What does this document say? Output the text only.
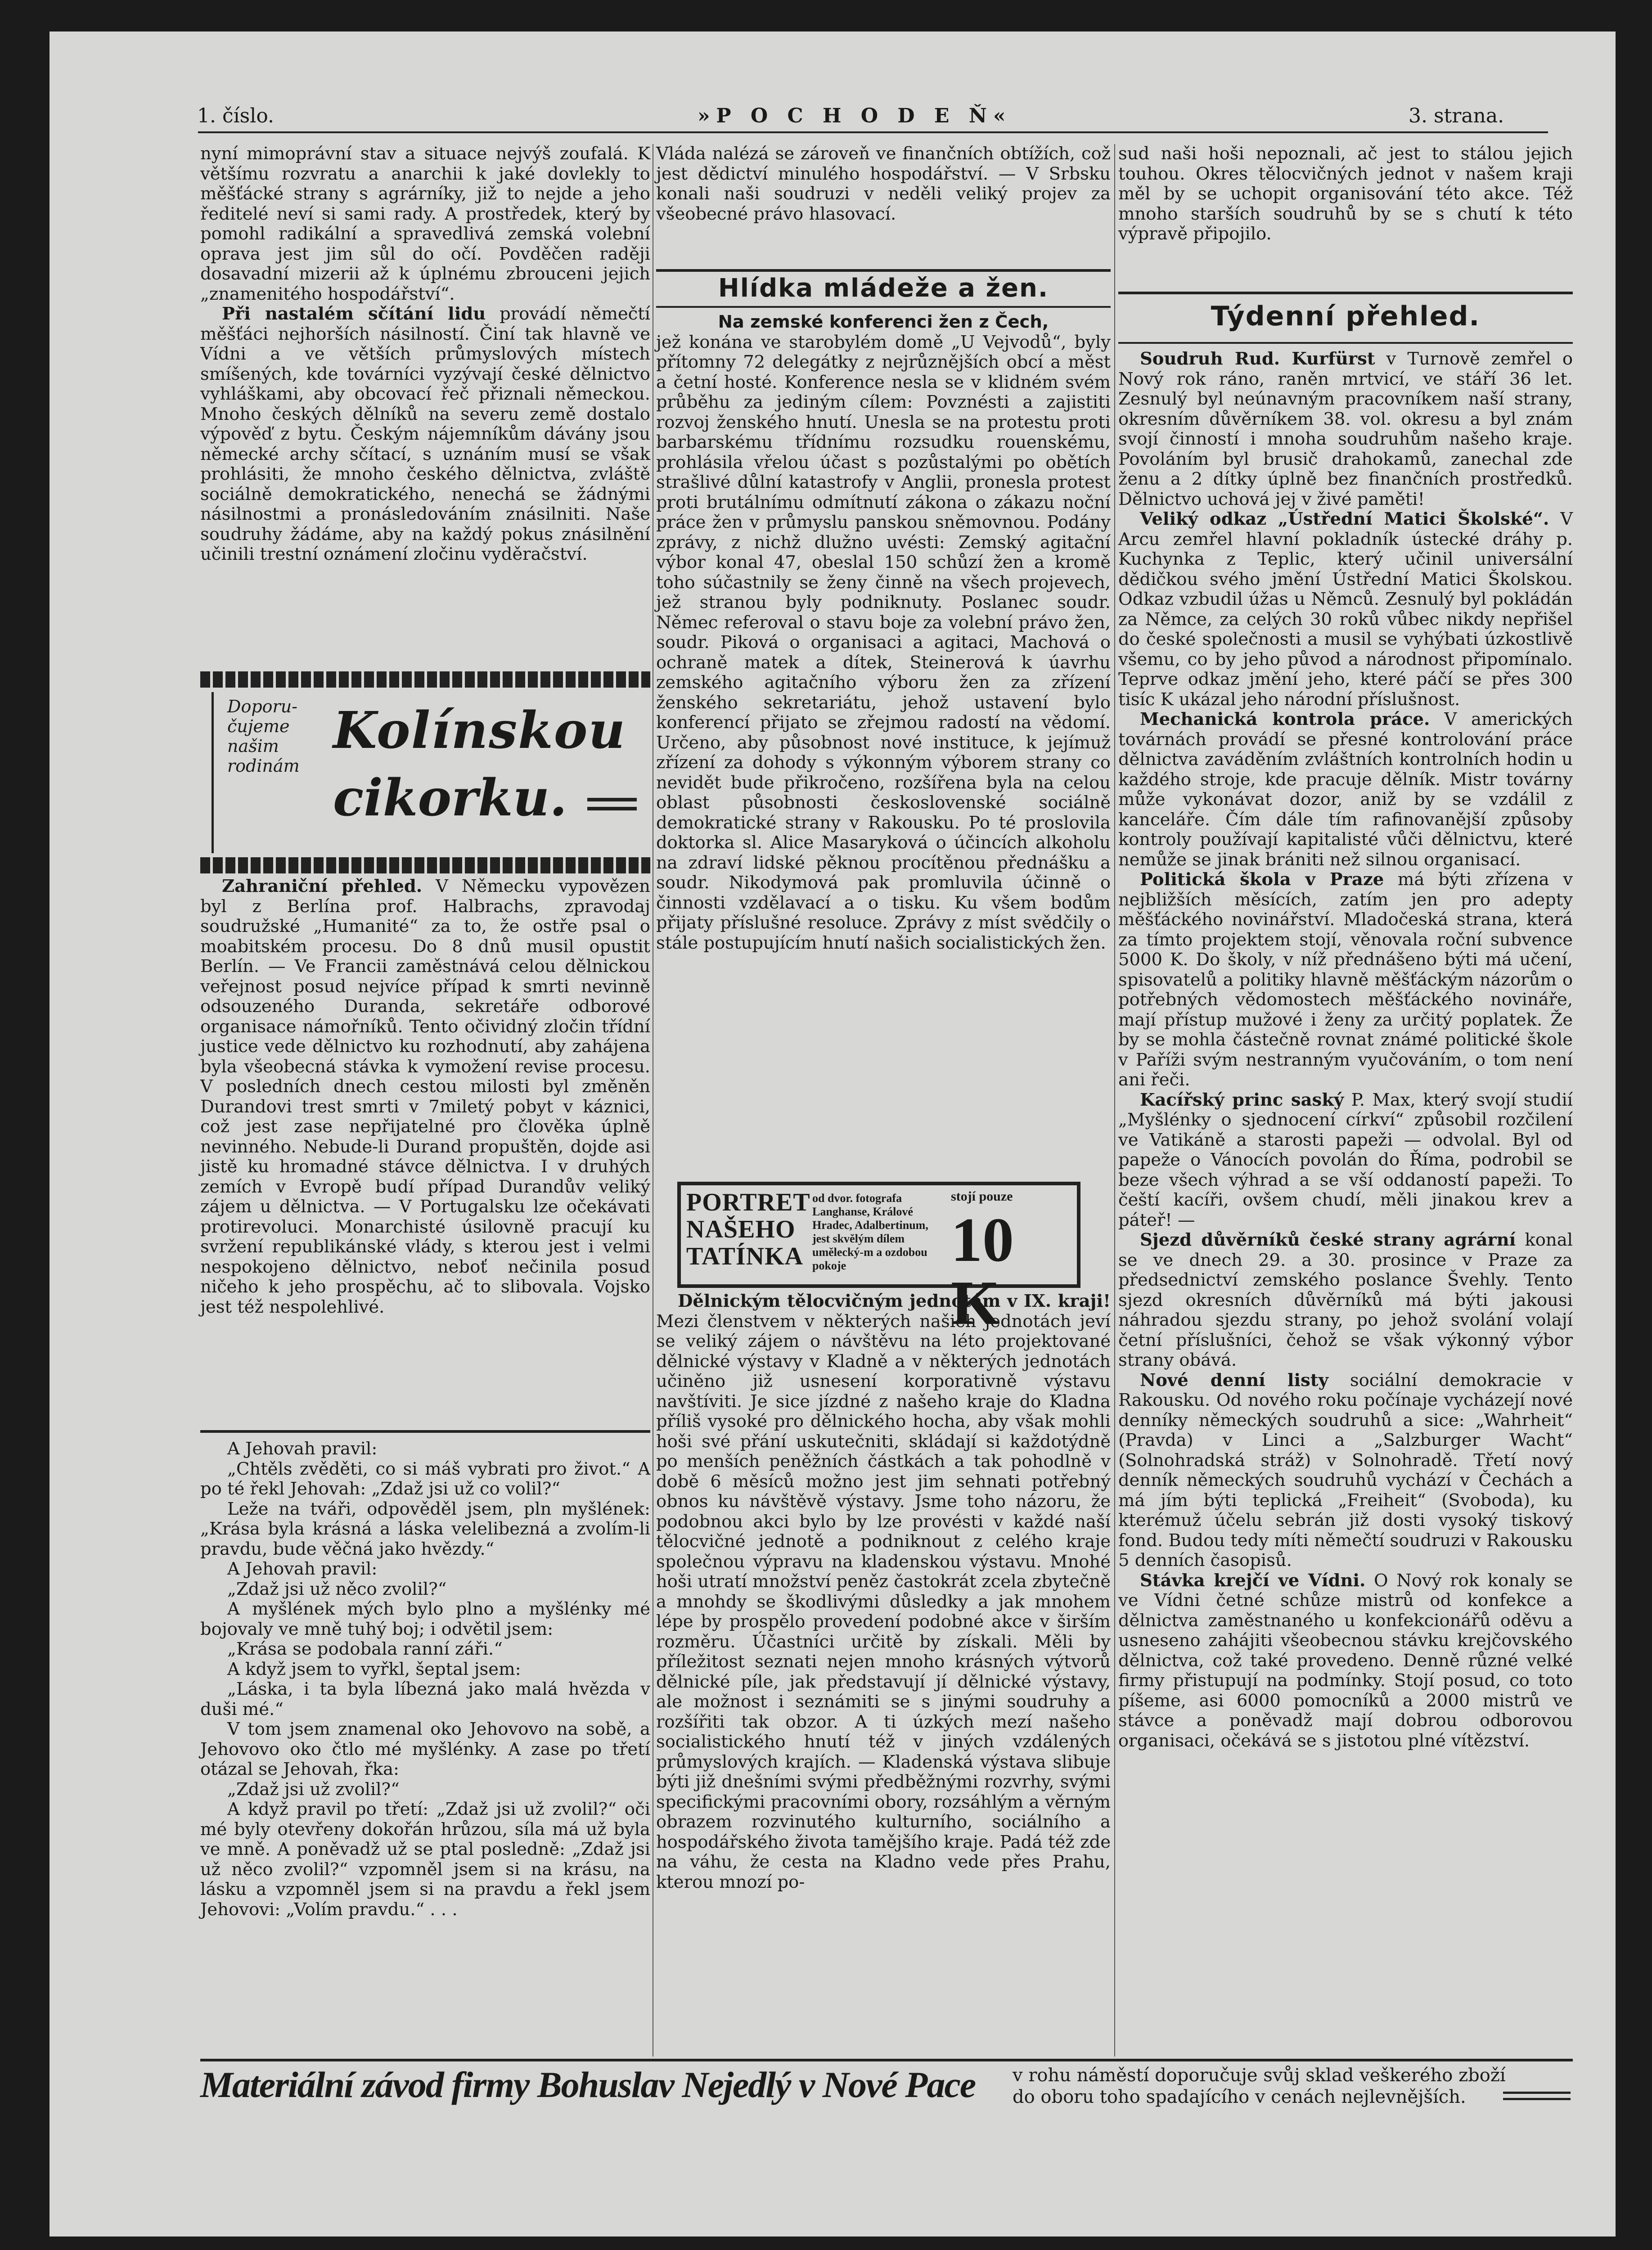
1. číslo.	»P O C H O D E Ň«	3. strana.

nyní mimoprávní stav a situace nejvýš zoufalá. K většímu rozvratu a anarchii k jaké dovlekly to měšťácké strany s agrárníky, již to nejde a jeho ředitelé neví si sami rady. A prostředek, který by pomohl radikální a spravedlivá zemská volební oprava jest jim sůl do očí. Povděčen raději dosavadní mizerii až k úplnému zbrouceni jejich „znamenitého hospodářství“.

Při nastalém sčítání lidu provádí němečtí měšťáci nejhorších násilností. Činí tak hlavně ve Vídni a ve větších průmyslových místech smíšených, kde továrníci vyzývají české dělnictvo vyhláškami, aby obcovací řeč přiznali německou. Mnoho českých dělníků na severu země dostalo výpověď z bytu. Českým nájemníkům dávány jsou německé archy sčítací, s uznáním musí se však prohlásiti, že mnoho českého dělnictva, zvláště sociálně demokratického, nenechá se žádnými násilnostmi a pronásledováním znásilniti. Naše soudruhy žádáme, aby na každý pokus znásilnění učinili trestní oznámení zločinu vyděračství.

Doporu-
čujeme
našim
rodinám
Kolínskou
cikorku.

Zahraniční přehled. V Německu vypovězen byl z Berlína prof. Halbrachs, zpravodaj soudružské „Humanité“ za to, že ostře psal o moabitském procesu. Do 8 dnů musil opustit Berlín. — Ve Francii zaměstnává celou dělnickou veřejnost posud nejvíce případ k smrti nevinně odsouzeného Duranda, sekretáře odborové organisace námořníků. Tento očividný zločin třídní justice vede dělnictvo ku rozhodnutí, aby zahájena byla všeobecná stávka k vymožení revise procesu. V posledních dnech cestou milosti byl změněn Durandovi trest smrti v 7miletý pobyt v káznici, což jest zase nepřijatelné pro člověka úplně nevinného. Nebude-li Durand propuštěn, dojde asi jistě ku hromadné stávce dělnictva. I v druhých zemích v Evropě budí případ Durandův veliký zájem u dělnictva. — V Portugalsku lze očekávati protirevoluci. Monarchisté úsilovně pracují ku svržení republikánské vlády, s kterou jest i velmi nespokojeno dělnictvo, neboť nečinila posud ničeho k jeho prospěchu, ač to slibovala. Vojsko jest též nespolehlivé.

A Jehovah pravil:

„Chtěls zvěděti, co si máš vybrati pro život.“ A po té řekl Jehovah: „Zdaž jsi už co volil?“

Leže na tváři, odpověděl jsem, pln myšlének: „Krása byla krásná a láska velelibezná a zvolím-li pravdu, bude věčná jako hvězdy.“

A Jehovah pravil:

„Zdaž jsi už něco zvolil?“

A myšlének mých bylo plno a myšlénky mé bojovaly ve mně tuhý boj; i odvětil jsem:

„Krása se podobala ranní záři.“

A když jsem to vyřkl, šeptal jsem:

„Láska, i ta byla líbezná jako malá hvězda v duši mé.“

V tom jsem znamenal oko Jehovovo na sobě, a Jehovovo oko čtlo mé myšlénky. A zase po třetí otázal se Jehovah, řka:

„Zdaž jsi už zvolil?“

A když pravil po třetí: „Zdaž jsi už zvolil?“ oči mé byly otevřeny dokořán hrůzou, síla má už byla ve mně. A poněvadž už se ptal posledně: „Zdaž jsi už něco zvolil?“ vzpomněl jsem si na krásu, na lásku a vzpomněl jsem si na pravdu a řekl jsem Jehovovi: „Volím pravdu.“ . . .

Vláda nalézá se zároveň ve finančních obtížích, což jest dědictví minulého hospodářství. — V Srbsku konali naši soudruzi v neděli veliký projev za všeobecné právo hlasovací.

Hlídka mládeže a žen.

Na zemské konferenci žen z Čech,

jež konána ve starobylém domě „U Vejvodů“, byly přítomny 72 delegátky z nejrůznějších obcí a měst a četní hosté. Konference nesla se v klidném svém průběhu za jediným cílem: Povznésti a zajistiti rozvoj ženského hnutí. Unesla se na protestu proti barbarskému třídnímu rozsudku rouenskému, prohlásila vřelou účast s pozůstalými po obětích strašlivé důlní katastrofy v Anglii, pronesla protest proti brutálnímu odmítnutí zákona o zákazu noční práce žen v průmyslu panskou sněmovnou. Podány zprávy, z nichž dlužno uvésti: Zemský agitační výbor konal 47, obeslal 150 schůzí žen a kromě toho súčastnily se ženy činně na všech projevech, jež stranou byly podniknuty. Poslanec soudr. Němec referoval o stavu boje za volební právo žen, soudr. Piková o organisaci a agitaci, Machová o ochraně matek a dítek, Steinerová k úavrhu zemského agitačního výboru žen za zřízení ženského sekretariátu, jehož ustavení bylo konferencí přijato se zřejmou radostí na vědomí. Určeno, aby působnost nové instituce, k jejímuž zřízení za dohody s výkonným výborem strany co nevidět bude přikročeno, rozšířena byla na celou oblast působnosti československé sociálně demokratické strany v Rakousku. Po té proslovila doktorka sl. Alice Masaryková o účincích alkoholu na zdraví lidské pěknou procítěnou přednášku a soudr. Nikodymová pak promluvila účinně o činnosti vzdělavací a o tisku. Ku všem bodům přijaty příslušné resoluce. Zprávy z míst svědčily o stále postupujícím hnutí našich socialistických žen.

PORTRET
NAŠEHO
TATÍNKA
od dvor. fotografa Langhanse, Králové Hradec, Adalbertinum, jest skvělým dílem umělecký-m a ozdobou pokoje
stojí pouze
10 K

Dělnickým tělocvičným jednotám v IX. kraji! Mezi členstvem v některých našich jednotách jeví se veliký zájem o návštěvu na léto projektované dělnické výstavy v Kladně a v některých jednotách učiněno již usnesení korporativně výstavu navštíviti. Je sice jízdné z našeho kraje do Kladna příliš vysoké pro dělnického hocha, aby však mohli hoši své přání uskutečniti, skládají si každotýdně po menších peněžních částkách a tak pohodlně v době 6 měsíců možno jest jim sehnati potřebný obnos ku návštěvě výstavy. Jsme toho názoru, že podobnou akci bylo by lze provésti v každé naší tělocvičné jednotě a podniknout z celého kraje společnou výpravu na kladenskou výstavu. Mnohé hoši utratí množství peněz častokrát zcela zbytečně a mnohdy se škodlivými důsledky a jak mnohem lépe by prospělo provedení podobné akce v širším rozměru. Účastníci určitě by získali. Měli by příležitost seznati nejen mnoho krásných výtvorů dělnické píle, jak představují jí dělnické výstavy, ale možnost i seznámiti se s jinými soudruhy a rozšířiti tak obzor. A ti úzkých mezí našeho socialistického hnutí též v jiných vzdálených průmyslových krajích. — Kladenská výstava slibuje býti již dnešními svými předběžnými rozvrhy, svými specifickými pracovními obory, rozsáhlým a věrným obrazem rozvinutého kulturního, sociálního a hospodářského života tamějšího kraje. Padá též zde na váhu, že cesta na Kladno vede přes Prahu, kterou mnozí po-

sud naši hoši nepoznali, ač jest to stálou jejich touhou. Okres tělocvičných jednot v našem kraji měl by se uchopit organisování této akce. Též mnoho starších soudruhů by se s chutí k této výpravě připojilo.

Týdenní přehled.

Soudruh Rud. Kurfürst v Turnově zemřel o Nový rok ráno, raněn mrtvicí, ve stáří 36 let. Zesnulý byl neúnavným pracovníkem naší strany, okresním důvěrníkem 38. vol. okresu a byl znám svojí činností i mnoha soudruhům našeho kraje. Povoláním byl brusič drahokamů, zanechal zde ženu a 2 dítky úplně bez finančních prostředků. Dělnictvo uchová jej v živé paměti!

Veliký odkaz „Ústřední Matici Školské“. V Arcu zemřel hlavní pokladník ústecké dráhy p. Kuchynka z Teplic, který učinil universální dědičkou svého jmění Ústřední Matici Školskou. Odkaz vzbudil úžas u Němců. Zesnulý byl pokládán za Němce, za celých 30 roků vůbec nikdy nepřišel do české společnosti a musil se vyhýbati úzkostlivě všemu, co by jeho původ a národnost připomínalo. Teprve odkaz jmění jeho, které páčí se přes 300 tisíc K ukázal jeho národní příslušnost.

Mechanická kontrola práce. V amerických továrnách provádí se přesné kontrolování práce dělnictva zaváděním zvláštních kontrolních hodin u každého stroje, kde pracuje dělník. Mistr továrny může vykonávat dozor, aniž by se vzdálil z kanceláře. Čím dále tím rafinovanější způsoby kontroly používají kapitalisté vůči dělnictvu, které nemůže se jinak brániti než silnou organisací.

Politická škola v Praze má býti zřízena v nejbližších měsících, zatím jen pro adepty měšťáckého novinářství. Mladočeská strana, která za tímto projektem stojí, věnovala roční subvence 5000 K. Do školy, v níž přednášeno býti má učení, spisovatelů a politiky hlavně měšťáckým názorům o potřebných vědomostech měšťáckého novináře, mají přístup mužové i ženy za určitý poplatek. Že by se mohla částečně rovnat známé politické škole v Paříži svým nestranným vyučováním, o tom není ani řeči.

Kacířský princ saský P. Max, který svojí studií „Myšlénky o sjednocení církví“ způsobil rozčilení ve Vatikáně a starosti papeži — odvolal. Byl od papeže o Vánocích povolán do Říma, podrobil se beze všech výhrad a se vší oddaností papeži. To čeští kacíři, ovšem chudí, měli jinakou krev a páteř! —

Sjezd důvěrníků české strany agrární konal se ve dnech 29. a 30. prosince v Praze za předsednictví zemského poslance Švehly. Tento sjezd okresních důvěrníků má býti jakousi náhradou sjezdu strany, po jehož svolání volají četní příslušníci, čehož se však výkonný výbor strany obává.

Nové denní listy sociální demokracie v Rakousku. Od nového roku počínaje vycházejí nové denníky německých soudruhů a sice: „Wahrheit“ (Pravda) v Linci a „Salzburger Wacht“ (Solnohradská stráž) v Solnohradě. Třetí nový denník německých soudruhů vychází v Čechách a má jím býti teplická „Freiheit“ (Svoboda), ku kterémuž účelu sebrán již dosti vysoký tiskový fond. Budou tedy míti němečtí soudruzi v Rakousku 5 denních časopisů.

Stávka krejčí ve Vídni. O Nový rok konaly se ve Vídni četné schůze mistrů od konfekce a dělnictva zaměstnaného u konfekcionářů oděvu a usneseno zahájiti všeobecnou stávku krejčovského dělnictva, což také provedeno. Denně různé velké firmy přistupují na podmínky. Stojí posud, co toto píšeme, asi 6000 pomocníků a 2000 mistrů ve stávce a poněvadž mají dobrou odborovou organisaci, očekává se s jistotou plné vítězství.

Materiální závod firmy Bohuslav Nejedlý v Nové Pace	v rohu náměstí doporučuje svůj sklad veškerého zboží
do oboru toho spadajícího v cenách nejlevnějších.
